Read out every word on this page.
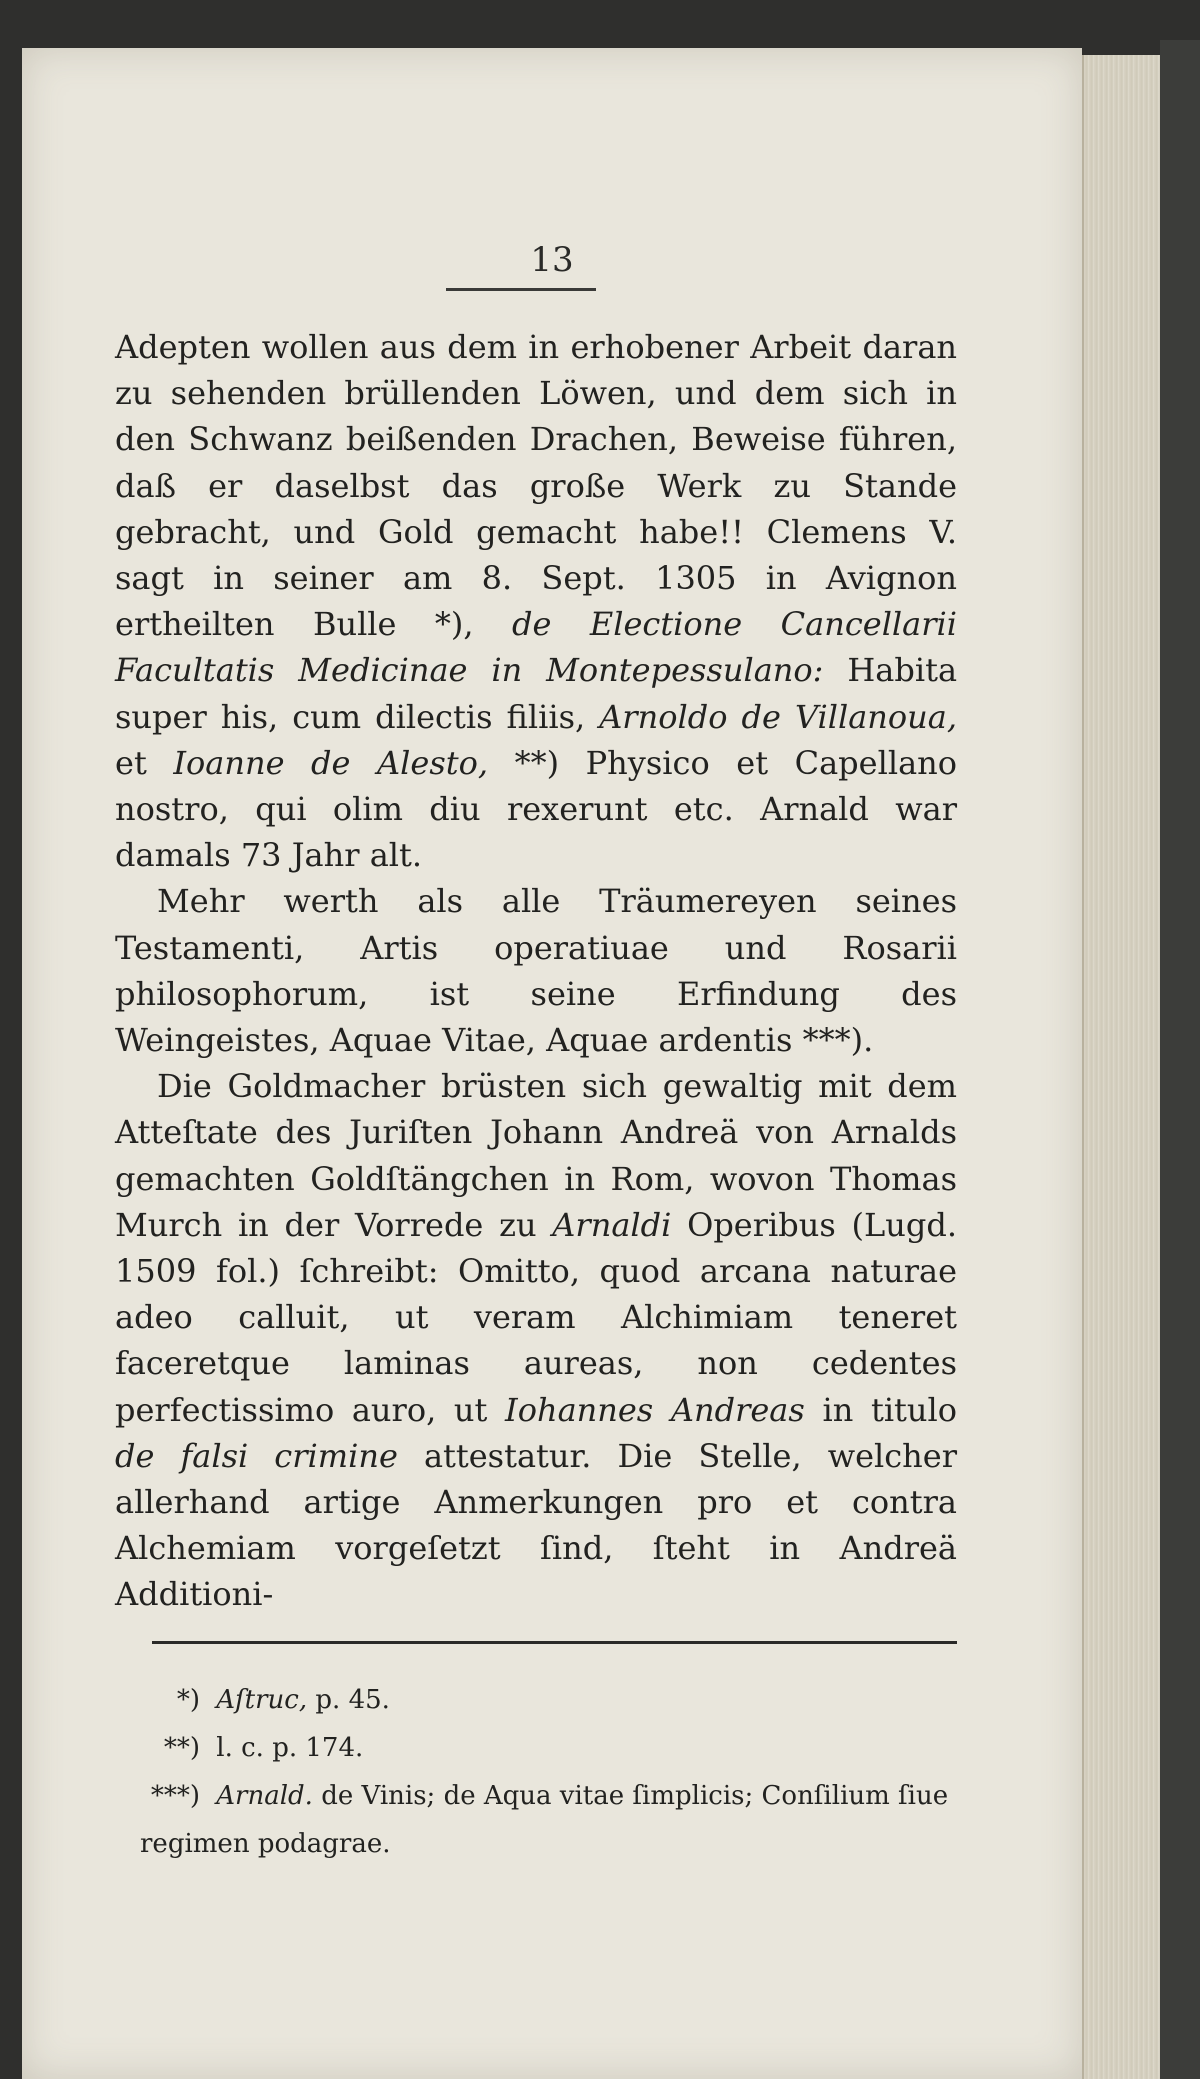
13

Adepten wollen aus dem in erhobener Arbeit daran zu sehenden brüllenden Löwen, und dem sich in den Schwanz beißenden Drachen, Beweise führen, daß er daselbst das große Werk zu Stande gebracht, und Gold gemacht habe!! Clemens V. sagt in seiner am 8. Sept. 1305 in Avignon ertheilten Bulle *), de Electione Cancellarii Facultatis Medicinae in Montepessulano: Habita super his, cum dilectis filiis, Arnoldo de Villanoua, et Ioanne de Alesto, **) Physico et Capellano nostro, qui olim diu rexerunt etc. Arnald war damals 73 Jahr alt.

Mehr werth als alle Träumereyen seines Testamenti, Artis operatiuae und Rosarii philosophorum, ist seine Erfindung des Weingeistes, Aquae Vitae, Aquae ardentis ***).

Die Goldmacher brüsten sich gewaltig mit dem Atteſtate des Juriſten Johann Andreä von Arnalds gemachten Goldſtängchen in Rom, wovon Thomas Murch in der Vorrede zu Arnaldi Operibus (Lugd. 1509 fol.) ſchreibt: Omitto, quod arcana naturae adeo calluit, ut veram Alchimiam teneret faceretque laminas aureas, non cedentes perfectissimo auro, ut Iohannes Andreas in titulo de falsi crimine attestatur. Die Stelle, welcher allerhand artige Anmerkungen pro et contra Alchemiam vorgeſetzt ſind, ſteht in Andreä Additioni-

*) Aſtruc, p. 45.

**) l. c. p. 174.

***) Arnald. de Vinis; de Aqua vitae ſimplicis; Conſilium ſiue regimen podagrae.
